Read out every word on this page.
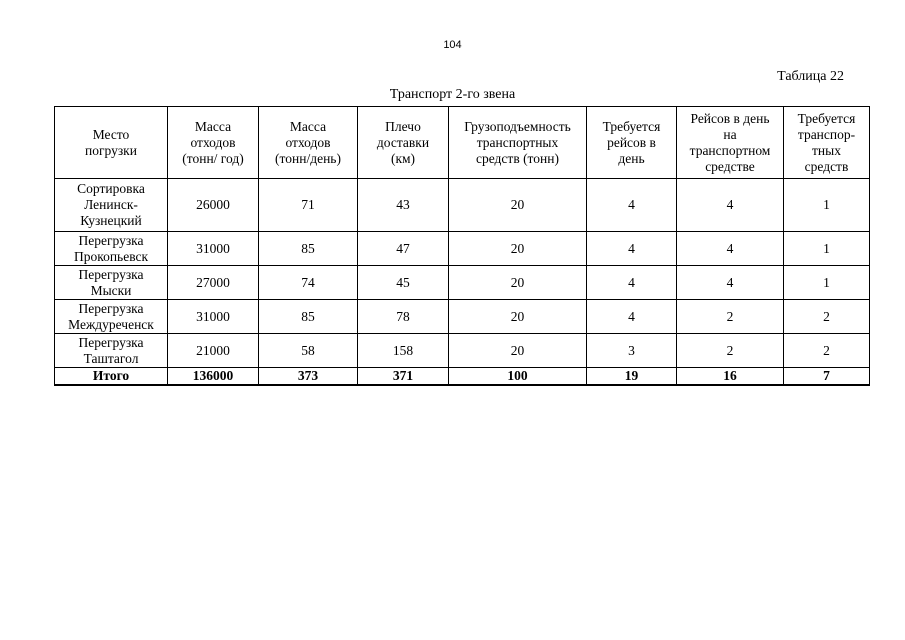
104
Таблица 22
Транспорт 2-го звена
Место
погрузки	Масса
отходов
(тонн/ год)	Масса
отходов
(тонн/день)	Плечо
доставки
(км)	Грузоподъемность
транспортных
средств (тонн)	Требуется
рейсов в
день	Рейсов в день
на
транспортном
средстве	Требуется
транспор-
тных
средств
Сортировка
Ленинск-
Кузнецкий	26000	71	43	20	4	4	1
Перегрузка
Прокопьевск	31000	85	47	20	4	4	1
Перегрузка
Мыски	27000	74	45	20	4	4	1
Перегрузка
Междуреченск	31000	85	78	20	4	2	2
Перегрузка
Таштагол	21000	58	158	20	3	2	2
Итого	136000	373	371	100	19	16	7
